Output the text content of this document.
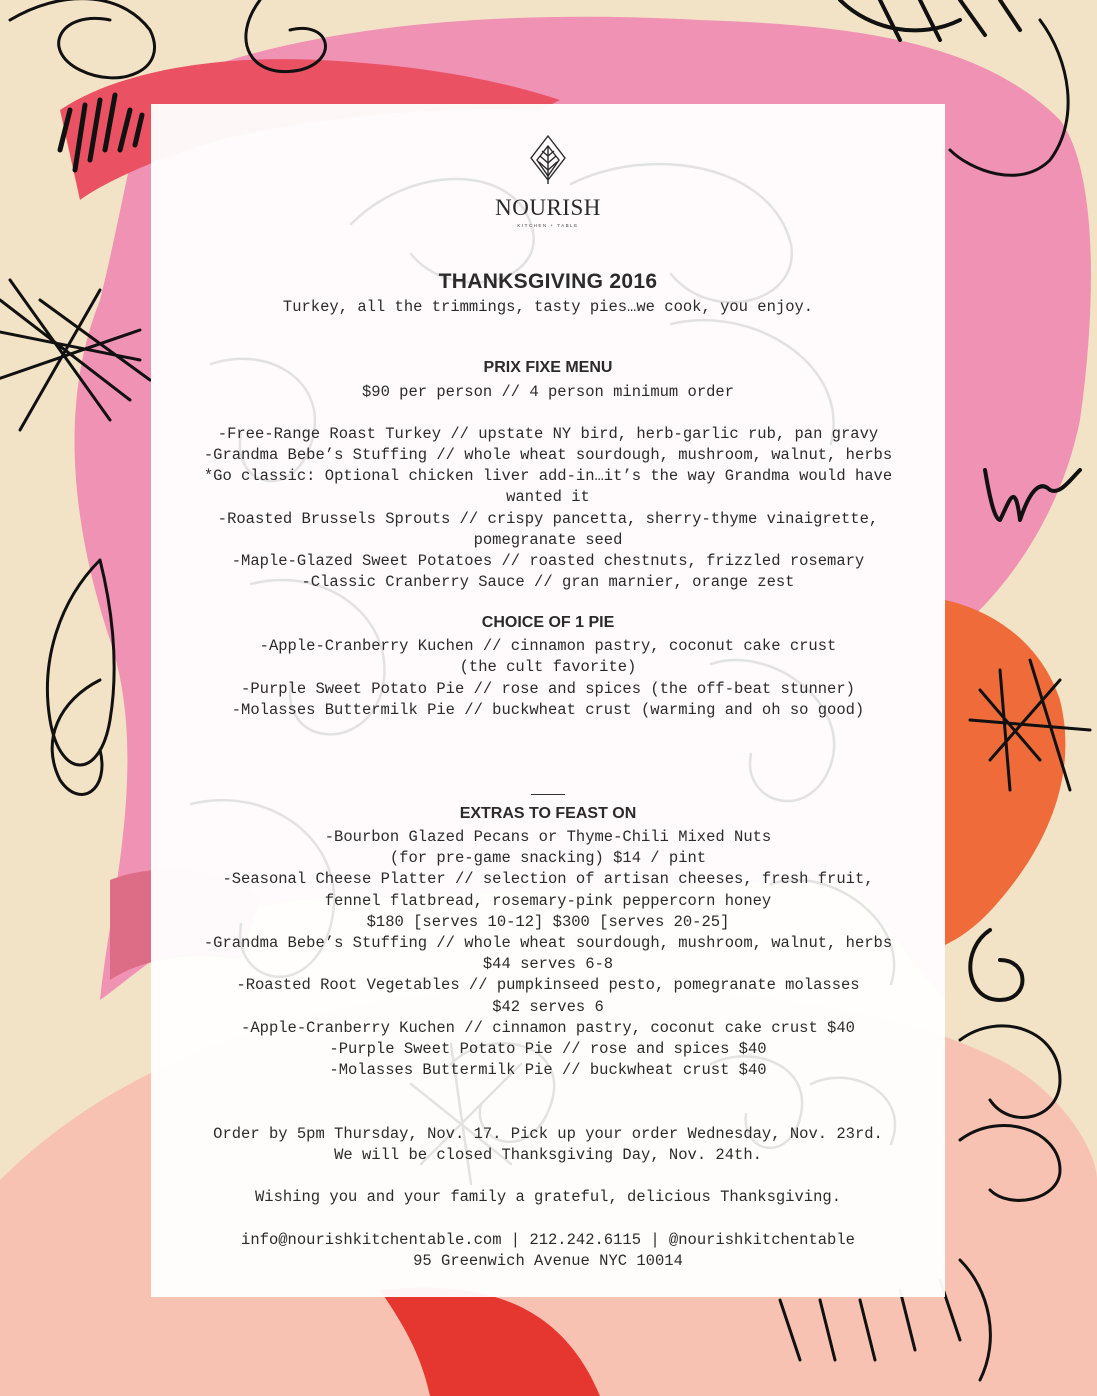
NOURISH
KITCHEN + TABLE
THANKSGIVING 2016
Turkey, all the trimmings, tasty pies…we cook, you enjoy.
PRIX FIXE MENU
$90 per person // 4 person minimum order
-Free-Range Roast Turkey // upstate NY bird, herb-garlic rub, pan gravy
-Grandma Bebe’s Stuffing // whole wheat sourdough, mushroom, walnut, herbs
*Go classic: Optional chicken liver add-in…it’s the way Grandma would have
wanted it
-Roasted Brussels Sprouts // crispy pancetta, sherry-thyme vinaigrette,
pomegranate seed
-Maple-Glazed Sweet Potatoes // roasted chestnuts, frizzled rosemary
-Classic Cranberry Sauce // gran marnier, orange zest
CHOICE OF 1 PIE
-Apple-Cranberry Kuchen // cinnamon pastry, coconut cake crust
(the cult favorite)
-Purple Sweet Potato Pie // rose and spices (the off-beat stunner)
-Molasses Buttermilk Pie // buckwheat crust (warming and oh so good)
EXTRAS TO FEAST ON
-Bourbon Glazed Pecans or Thyme-Chili Mixed Nuts
(for pre-game snacking) $14 / pint
-Seasonal Cheese Platter // selection of artisan cheeses, fresh fruit,
fennel flatbread, rosemary-pink peppercorn honey
$180 [serves 10-12] $300 [serves 20-25]
-Grandma Bebe’s Stuffing // whole wheat sourdough, mushroom, walnut, herbs
$44 serves 6-8
-Roasted Root Vegetables // pumpkinseed pesto, pomegranate molasses
$42 serves 6
-Apple-Cranberry Kuchen // cinnamon pastry, coconut cake crust $40
-Purple Sweet Potato Pie // rose and spices $40
-Molasses Buttermilk Pie // buckwheat crust $40
Order by 5pm Thursday, Nov. 17. Pick up your order Wednesday, Nov. 23rd.
We will be closed Thanksgiving Day, Nov. 24th.
Wishing you and your family a grateful, delicious Thanksgiving.
info@nourishkitchentable.com | 212.242.6115 | @nourishkitchentable
95 Greenwich Avenue NYC 10014
